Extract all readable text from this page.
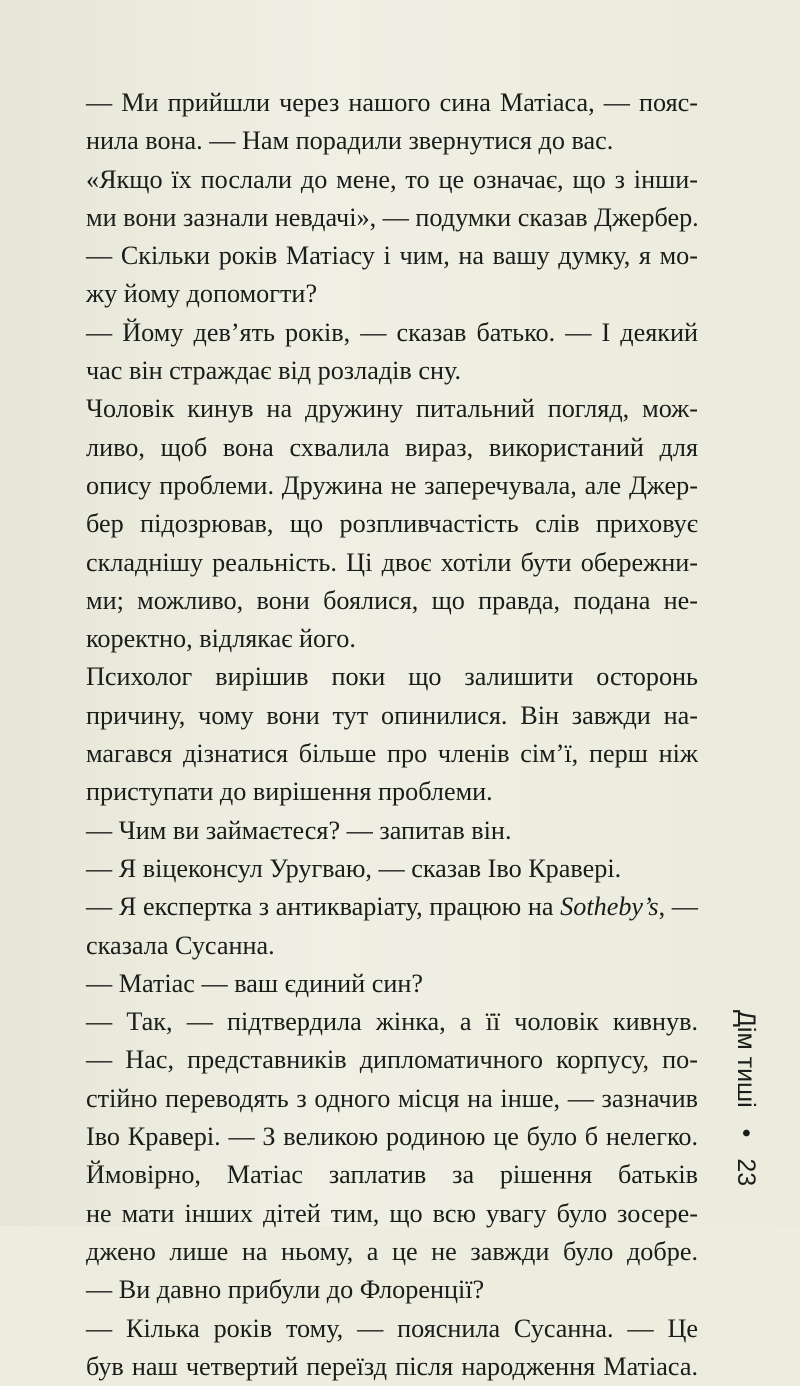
— Ми прийшли через нашого сина Матіаса, — пояс-
нила вона. — Нам порадили звернутися до вас.
«Якщо їх послали до мене, то це означає, що з інши-
ми вони зазнали невдачі», — подумки сказав Джербер.
— Скільки років Матіасу і чим, на вашу думку, я мо-
жу йому допомогти?
— Йому дев’ять років, — сказав батько. — І деякий
час він страждає від розладів сну.
Чоловік кинув на дружину питальний погляд, мож-
ливо, щоб вона схвалила вираз, використаний для
опису проблеми. Дружина не заперечувала, але Джер-
бер підозрював, що розпливчастість слів приховує
складнішу реальність. Ці двоє хотіли бути обережни-
ми; можливо, вони боялися, що правда, подана не-
коректно, відлякає його.
Психолог вирішив поки що залишити осторонь
причину, чому вони тут опинилися. Він завжди на-
магався дізнатися більше про членів сім’ї, перш ніж
приступати до вирішення проблеми.
— Чим ви займаєтеся? — запитав він.
— Я віцеконсул Уругваю, — сказав Іво Кравері.
— Я експертка з антикваріату, працюю на Sotheby’s, —
сказала Сусанна.
— Матіас — ваш єдиний син?
— Так, — підтвердила жінка, а її чоловік кивнув.
— Нас, представників дипломатичного корпусу, по-
стійно переводять з одного місця на інше, — зазначив
Іво Кравері. — З великою родиною це було б нелегко.
Ймовірно, Матіас заплатив за рішення батьків
не мати інших дітей тим, що всю увагу було зосере-
джено лише на ньому, а це не завжди було добре.
— Ви давно прибули до Флоренції?
— Кілька років тому, — пояснила Сусанна. — Це
був наш четвертий переїзд після народження Матіаса.
Дім тиші • 23
